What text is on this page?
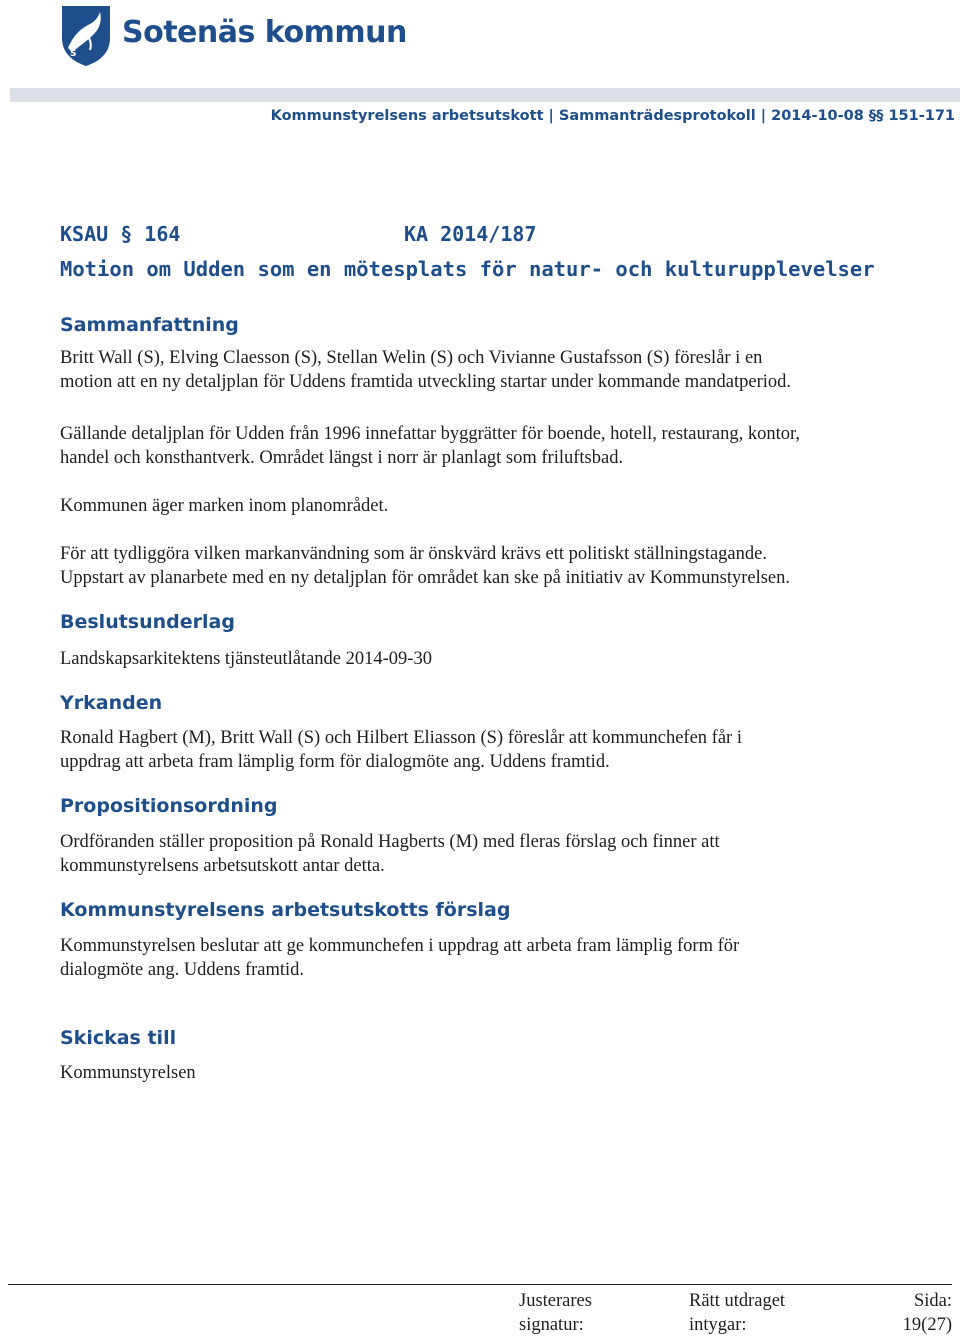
S
Sotenäs kommun
Kommunstyrelsens arbetsutskott | Sammanträdesprotokoll | 2014-10-08 §§ 151-171
KSAU § 164	KA 2014/187
Motion om Udden som en mötesplats för natur- och kulturupplevelser
Sammanfattning
Britt Wall (S), Elving Claesson (S), Stellan Welin (S) och Vivianne Gustafsson (S) föreslår i en
motion att en ny detaljplan för Uddens framtida utveckling startar under kommande mandatperiod.
Gällande detaljplan för Udden från 1996 innefattar byggrätter för boende, hotell, restaurang, kontor,
handel och konsthantverk. Området längst i norr är planlagt som friluftsbad.
Kommunen äger marken inom planområdet.
För att tydliggöra vilken markanvändning som är önskvärd krävs ett politiskt ställningstagande.
Uppstart av planarbete med en ny detaljplan för området kan ske på initiativ av Kommunstyrelsen.
Beslutsunderlag
Landskapsarkitektens tjänsteutlåtande 2014-09-30
Yrkanden
Ronald Hagbert (M), Britt Wall (S) och Hilbert Eliasson (S) föreslår att kommunchefen får i
uppdrag att arbeta fram lämplig form för dialogmöte ang. Uddens framtid.
Propositionsordning
Ordföranden ställer proposition på Ronald Hagberts (M) med fleras förslag och finner att
kommunstyrelsens arbetsutskott antar detta.
Kommunstyrelsens arbetsutskotts förslag
Kommunstyrelsen beslutar att ge kommunchefen i uppdrag att arbeta fram lämplig form för
dialogmöte ang. Uddens framtid.
Skickas till
Kommunstyrelsen
Justerares
signatur:
Rätt utdraget
intygar:
Sida:
19(27)
